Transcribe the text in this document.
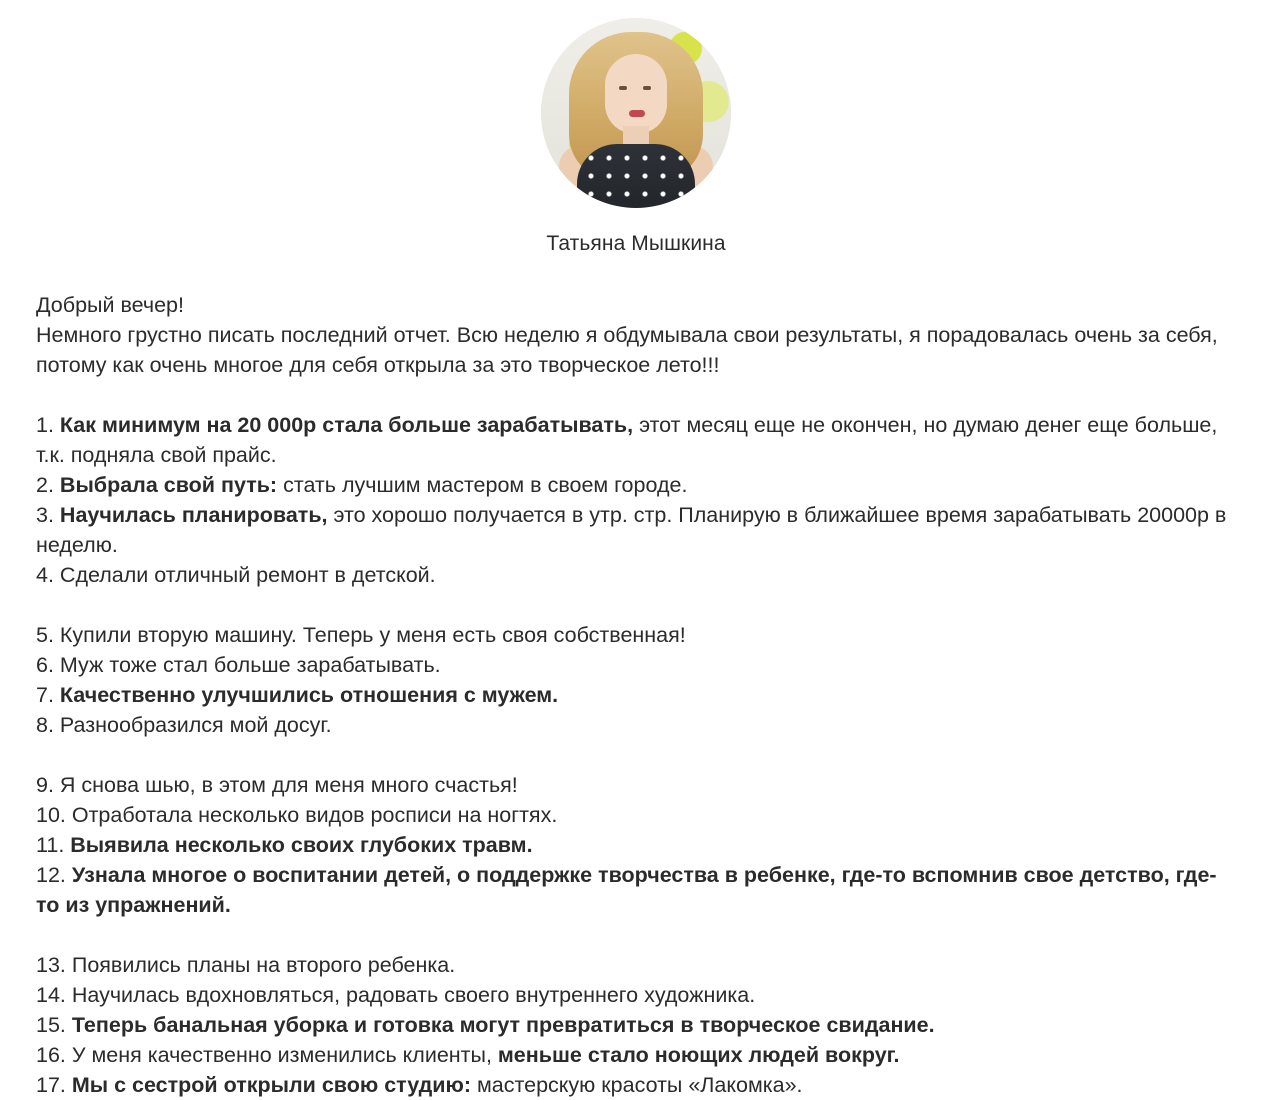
Татьяна Мышкина

Добрый вечер!

Немного грустно писать последний отчет. Всю неделю я обдумывала свои результаты, я порадовалась очень за себя, потому как очень многое для себя открыла за это творческое лето!!!

1. Как минимум на 20 000р стала больше зарабатывать, этот месяц еще не окончен, но думаю денег еще больше, т.к. подняла свой прайс.
2. Выбрала свой путь: стать лучшим мастером в своем городе.
3. Научилась планировать, это хорошо получается в утр. стр. Планирую в ближайшее время зарабатывать 20000р в неделю.
4. Сделали отличный ремонт в детской.
5. Купили вторую машину. Теперь у меня есть своя собственная!
6. Муж тоже стал больше зарабатывать.
7. Качественно улучшились отношения с мужем.
8. Разнообразился мой досуг.
9. Я снова шью, в этом для меня много счастья!
10. Отработала несколько видов росписи на ногтях.
11. Выявила несколько своих глубоких травм.
12. Узнала многое о воспитании детей, о поддержке творчества в ребенке, где-то вспомнив свое детство, где-то из упражнений.
13. Появились планы на второго ребенка.
14. Научилась вдохновляться, радовать своего внутреннего художника.
15. Теперь банальная уборка и готовка могут превратиться в творческое свидание.
16. У меня качественно изменились клиенты, меньше стало ноющих людей вокруг.
17. Мы с сестрой открыли свою студию: мастерскую красоты «Лакомка».
